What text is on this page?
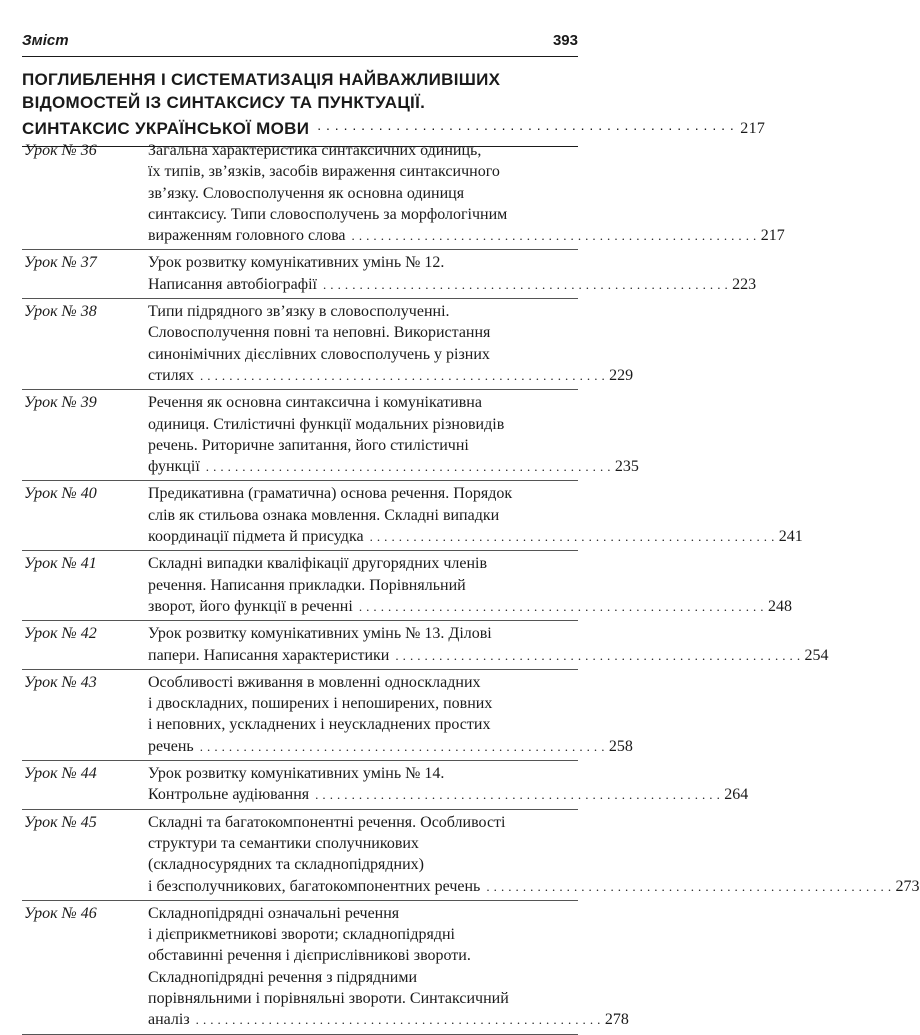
Зміст	393
ПОГЛИБЛЕННЯ І СИСТЕМАТИЗАЦІЯ НАЙВАЖЛИВІШИХ
ВІДОМОСТЕЙ ІЗ СИНТАКСИСУ ТА ПУНКТУАЦІЇ.
СИНТАКСИС УКРАЇНСЬКОЇ МОВИ . . . . . . . . . . . . . . . . . . . . . . . . . . . . . . . . . . . . . . . . . . . . . . . . 217
Урок № 36	Загальна характеристика синтаксичних одиниць,
їх типів, зв’язків, засобів вираження синтаксичного
зв’язку. Словосполучення як основна одиниця
синтаксису. Типи словосполучень за морфологічним
вираженням головного слова . . . . . . . . . . . . . . . . . . . . . . . . . . . . . . . . . . . . . . . . . . . . . . . . . . . . . . . . 217
Урок № 37	Урок розвитку комунікативних умінь № 12.
Написання автобіографії . . . . . . . . . . . . . . . . . . . . . . . . . . . . . . . . . . . . . . . . . . . . . . . . . . . . . . . . 223
Урок № 38	Типи підрядного зв’язку в словосполученні.
Словосполучення повні та неповні. Використання
синонімічних дієслівних словосполучень у різних
стилях . . . . . . . . . . . . . . . . . . . . . . . . . . . . . . . . . . . . . . . . . . . . . . . . . . . . . . . . 229
Урок № 39	Речення як основна синтаксична і комунікативна
одиниця. Стилістичні функції модальних різновидів
речень. Риторичне запитання, його стилістичні
функції . . . . . . . . . . . . . . . . . . . . . . . . . . . . . . . . . . . . . . . . . . . . . . . . . . . . . . . . 235
Урок № 40	Предикативна (граматична) основа речення. Порядок
слів як стильова ознака мовлення. Складні випадки
координації підмета й присудка . . . . . . . . . . . . . . . . . . . . . . . . . . . . . . . . . . . . . . . . . . . . . . . . . . . . . . . . 241
Урок № 41	Складні випадки кваліфікації другорядних членів
речення. Написання прикладки. Порівняльний
зворот, його функції в реченні . . . . . . . . . . . . . . . . . . . . . . . . . . . . . . . . . . . . . . . . . . . . . . . . . . . . . . . . 248
Урок № 42	Урок розвитку комунікативних умінь № 13. Ділові
папери. Написання характеристики . . . . . . . . . . . . . . . . . . . . . . . . . . . . . . . . . . . . . . . . . . . . . . . . . . . . . . . . 254
Урок № 43	Особливості вживання в мовленні односкладних
і двоскладних, поширених і непоширених, повних
і неповних, ускладнених і неускладнених простих
речень . . . . . . . . . . . . . . . . . . . . . . . . . . . . . . . . . . . . . . . . . . . . . . . . . . . . . . . . 258
Урок № 44	Урок розвитку комунікативних умінь № 14.
Контрольне аудіювання . . . . . . . . . . . . . . . . . . . . . . . . . . . . . . . . . . . . . . . . . . . . . . . . . . . . . . . . 264
Урок № 45	Складні та багатокомпонентні речення. Особливості
структури та семантики сполучникових
(складносурядних та складнопідрядних)
і безсполучникових, багатокомпонентних речень . . . . . . . . . . . . . . . . . . . . . . . . . . . . . . . . . . . . . . . . . . . . . . . . . . . . . . . . 273
Урок № 46	Складнопідрядні означальні речення
і дієприкметникові звороти; складнопідрядні
обставинні речення і дієприслівникові звороти.
Складнопідрядні речення з підрядними
порівняльними і порівняльні звороти. Синтаксичний
аналіз . . . . . . . . . . . . . . . . . . . . . . . . . . . . . . . . . . . . . . . . . . . . . . . . . . . . . . . . 278
